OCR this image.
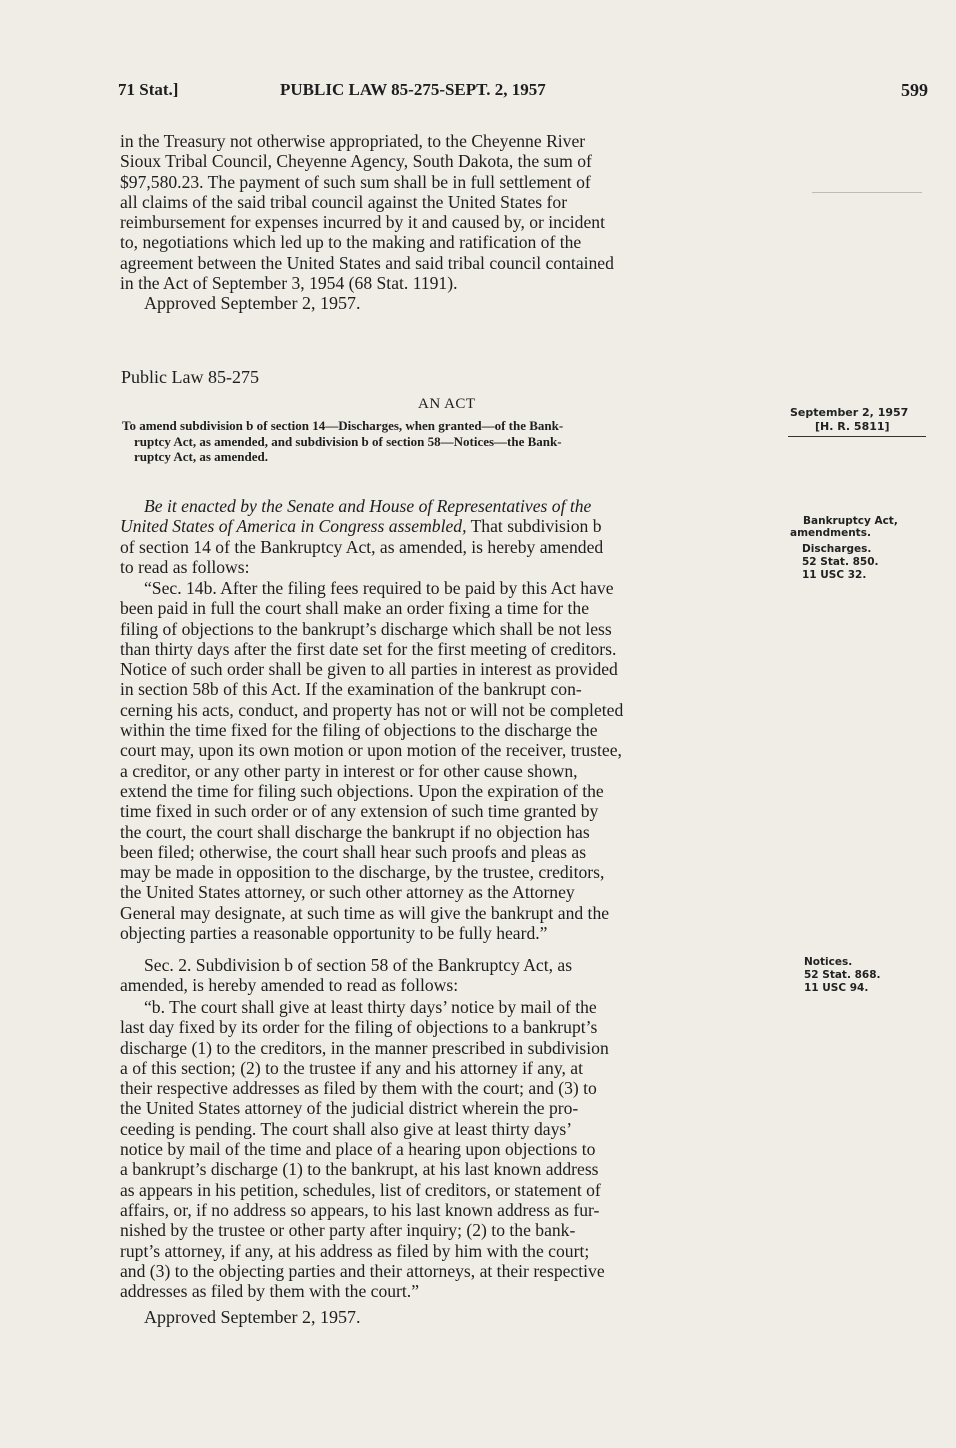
71 Stat.]	PUBLIC LAW 85-275-SEPT. 2, 1957	599
in the Treasury not otherwise appropriated, to the Cheyenne River
Sioux Tribal Council, Cheyenne Agency, South Dakota, the sum of
$97,580.23. The payment of such sum shall be in full settlement of
all claims of the said tribal council against the United States for
reimbursement for expenses incurred by it and caused by, or incident
to, negotiations which led up to the making and ratification of the
agreement between the United States and said tribal council contained
in the Act of September 3, 1954 (68 Stat. 1191).
Approved September 2, 1957.
Public Law 85-275
AN ACT
To amend subdivision b of section 14—Discharges, when granted—of the Bank-
ruptcy Act, as amended, and subdivision b of section 58—Notices—the Bank-
ruptcy Act, as amended.
Be it enacted by the Senate and House of Representatives of the
United States of America in Congress assembled, That subdivision b
of section 14 of the Bankruptcy Act, as amended, is hereby amended
to read as follows:
“Sec. 14b. After the filing fees required to be paid by this Act have
been paid in full the court shall make an order fixing a time for the
filing of objections to the bankrupt’s discharge which shall be not less
than thirty days after the first date set for the first meeting of creditors.
Notice of such order shall be given to all parties in interest as provided
in section 58b of this Act. If the examination of the bankrupt con-
cerning his acts, conduct, and property has not or will not be completed
within the time fixed for the filing of objections to the discharge the
court may, upon its own motion or upon motion of the receiver, trustee,
a creditor, or any other party in interest or for other cause shown,
extend the time for filing such objections. Upon the expiration of the
time fixed in such order or of any extension of such time granted by
the court, the court shall discharge the bankrupt if no objection has
been filed; otherwise, the court shall hear such proofs and pleas as
may be made in opposition to the discharge, by the trustee, creditors,
the United States attorney, or such other attorney as the Attorney
General may designate, at such time as will give the bankrupt and the
objecting parties a reasonable opportunity to be fully heard.”
Sec. 2. Subdivision b of section 58 of the Bankruptcy Act, as
amended, is hereby amended to read as follows:
“b. The court shall give at least thirty days’ notice by mail of the
last day fixed by its order for the filing of objections to a bankrupt’s
discharge (1) to the creditors, in the manner prescribed in subdivision
a of this section; (2) to the trustee if any and his attorney if any, at
their respective addresses as filed by them with the court; and (3) to
the United States attorney of the judicial district wherein the pro-
ceeding is pending. The court shall also give at least thirty days’
notice by mail of the time and place of a hearing upon objections to
a bankrupt’s discharge (1) to the bankrupt, at his last known address
as appears in his petition, schedules, list of creditors, or statement of
affairs, or, if no address so appears, to his last known address as fur-
nished by the trustee or other party after inquiry; (2) to the bank-
rupt’s attorney, if any, at his address as filed by him with the court;
and (3) to the objecting parties and their attorneys, at their respective
addresses as filed by them with the court.”
Approved September 2, 1957.
September 2, 1957
[H. R. 5811]
Bankruptcy Act,
amendments.
Discharges.
52 Stat. 850.
11 USC 32.
Notices.
52 Stat. 868.
11 USC 94.
